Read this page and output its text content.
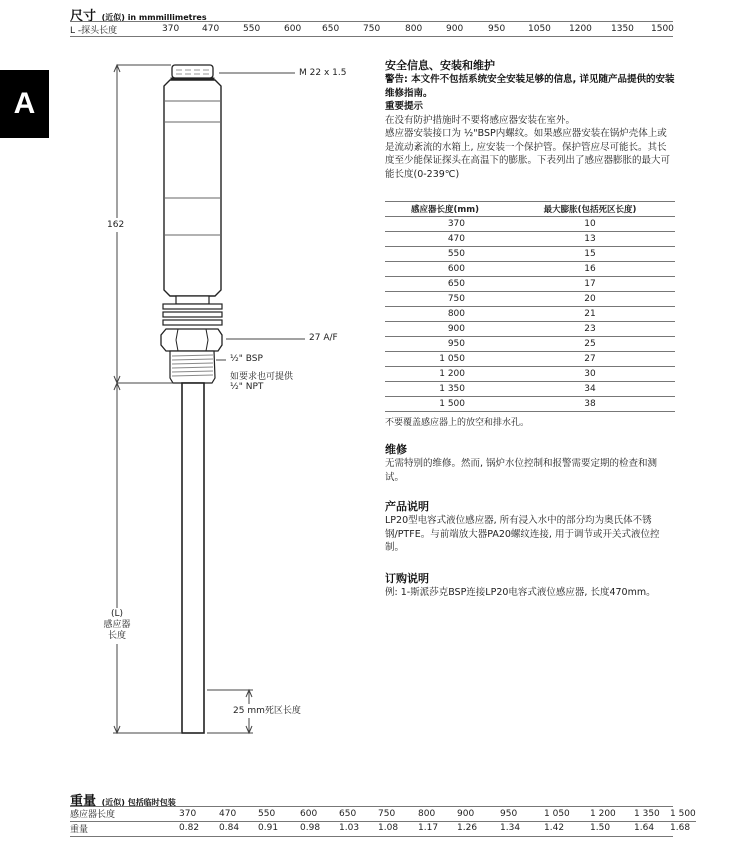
尺寸 (近似) in mmmillimetres
L -探头长度	370	470	550	600	650	750	800	900	950	1050	1200	1350	1500
A
M 22 x 1.5
162
27 A/F
½" BSP
如要求也可提供
½" NPT
(L)
感应器
长度
25 mm死区长度
安全信息、安装和维护
警告: 本文件不包括系统安全安装足够的信息, 详见随产品提供的安装维修指南。
重要提示
在没有防护措施时不要将感应器安装在室外。
感应器安装接口为 ½"BSP内螺纹。如果感应器安装在锅炉壳体上或是流动紊流的水箱上, 应安装一个保护管。保护管应尽可能长。其长度至少能保证探头在高温下的膨胀。下表列出了感应器膨胀的最大可能长度(0-239℃)
感应器长度(mm)	最大膨胀(包括死区长度)
370	10
470	13
550	15
600	16
650	17
750	20
800	21
900	23
950	25
1 050	27
1 200	30
1 350	34
1 500	38
不要覆盖感应器上的放空和排水孔。
维修
无需特别的维修。然而, 锅炉水位控制和报警需要定期的检查和测试。
产品说明
LP20型电容式液位感应器, 所有浸入水中的部分均为奥氏体不锈钢/PTFE。与前端放大器PA20螺纹连接, 用于调节或开关式液位控制。
订购说明
例: 1-斯派莎克BSP连接LP20电容式液位感应器, 长度470mm。
重量 (近似) 包括临时包装
感应器长度	370	470	550	600	650	750	800	900	950	1 050	1 200	1 350	1 500
重量	0.82	0.84	0.91	0.98	1.03	1.08	1.17	1.26	1.34	1.42	1.50	1.64	1.68
